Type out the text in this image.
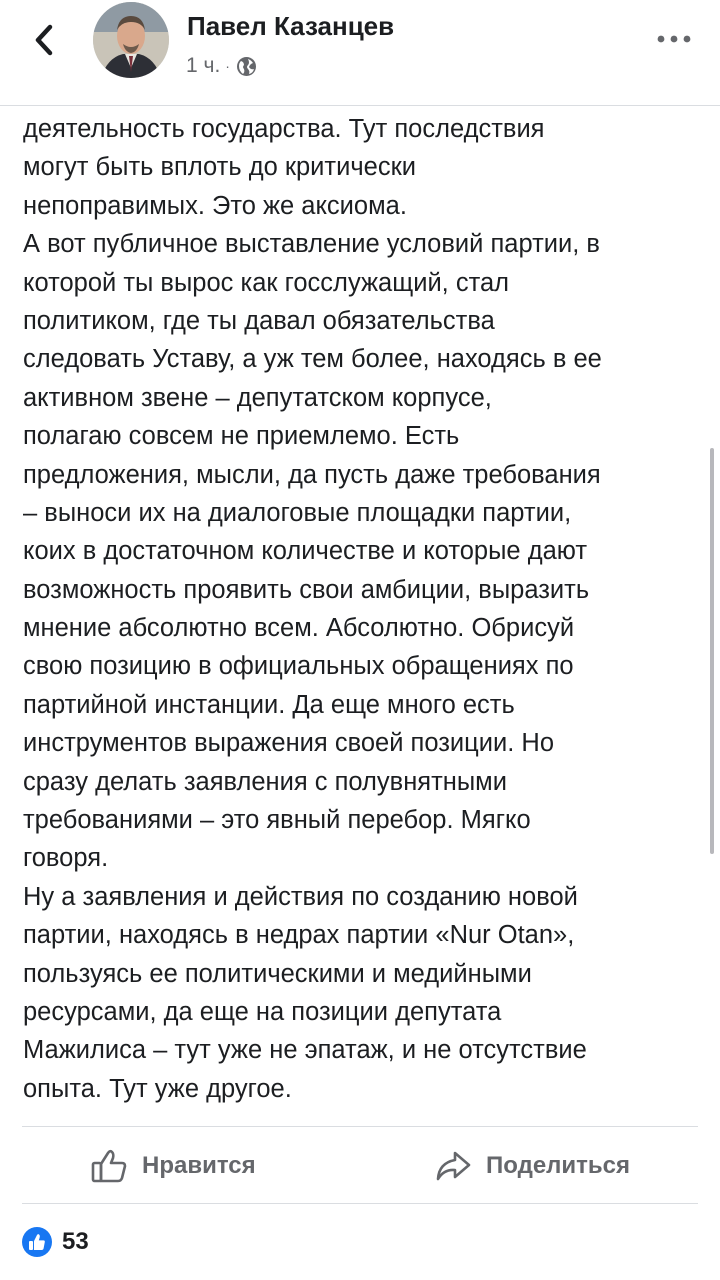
Павел Казанцев
1 ч. ·
деятельность государства. Тут последствия
могут быть вплоть до критически
непоправимых. Это же аксиома.
А вот публичное выставление условий партии, в
которой ты вырос как госслужащий, стал
политиком, где ты давал обязательства
следовать Уставу, а уж тем более, находясь в ее
активном звене – депутатском корпусе,
полагаю совсем не приемлемо. Есть
предложения, мысли, да пусть даже требования
– выноси их на диалоговые площадки партии,
коих в достаточном количестве и которые дают
возможность проявить свои амбиции, выразить
мнение абсолютно всем. Абсолютно. Обрисуй
свою позицию в официальных обращениях по
партийной инстанции. Да еще много есть
инструментов выражения своей позиции. Но
сразу делать заявления с полувнятными
требованиями – это явный перебор. Мягко
говоря.
Ну а заявления и действия по созданию новой
партии, находясь в недрах партии «Nur Otan»,
пользуясь ее политическими и медийными
ресурсами, да еще на позиции депутата
Мажилиса – тут уже не эпатаж, и не отсутствие
опыта. Тут уже другое.
Нравится	Поделиться
53
